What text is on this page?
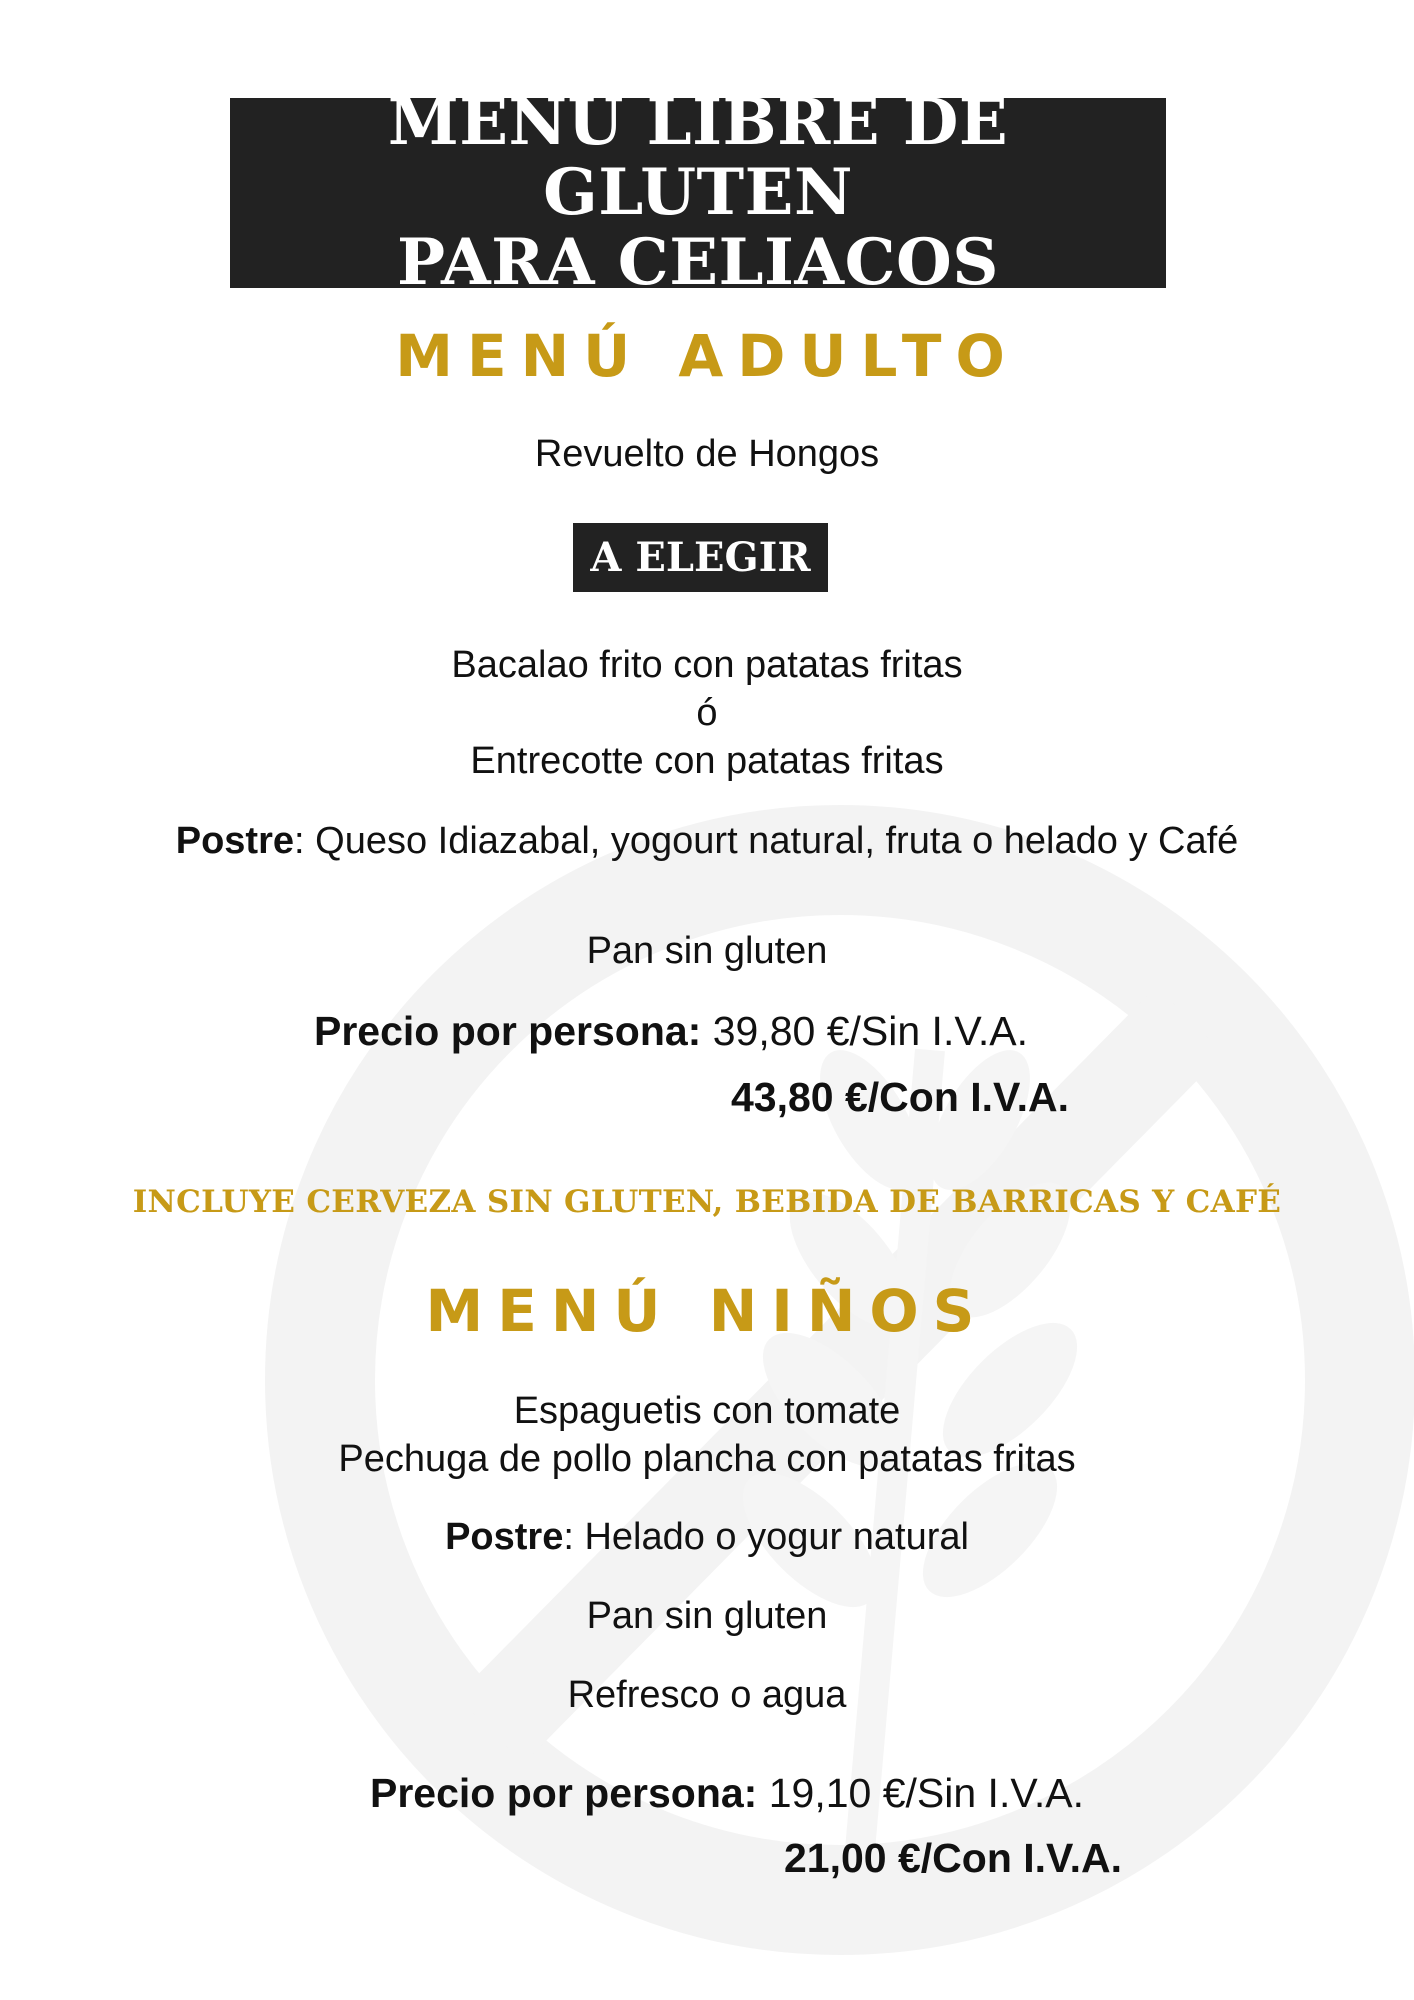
MENU LIBRE DE GLUTEN
PARA CELIACOS
MENÚ ADULTO
Revuelto de Hongos
A ELEGIR
Bacalao frito con patatas fritas
ó
Entrecotte con patatas fritas
Postre: Queso Idiazabal, yogourt natural, fruta o helado y Café
Pan sin gluten
Precio por persona: 39,80 €/Sin I.V.A.
43,80 €/Con I.V.A.
INCLUYE CERVEZA SIN GLUTEN, BEBIDA DE BARRICAS Y CAFÉ
MENÚ NIÑOS
Espaguetis con tomate
Pechuga de pollo plancha con patatas fritas
Postre: Helado o yogur natural
Pan sin gluten
Refresco o agua
Precio por persona: 19,10 €/Sin I.V.A.
21,00 €/Con I.V.A.
